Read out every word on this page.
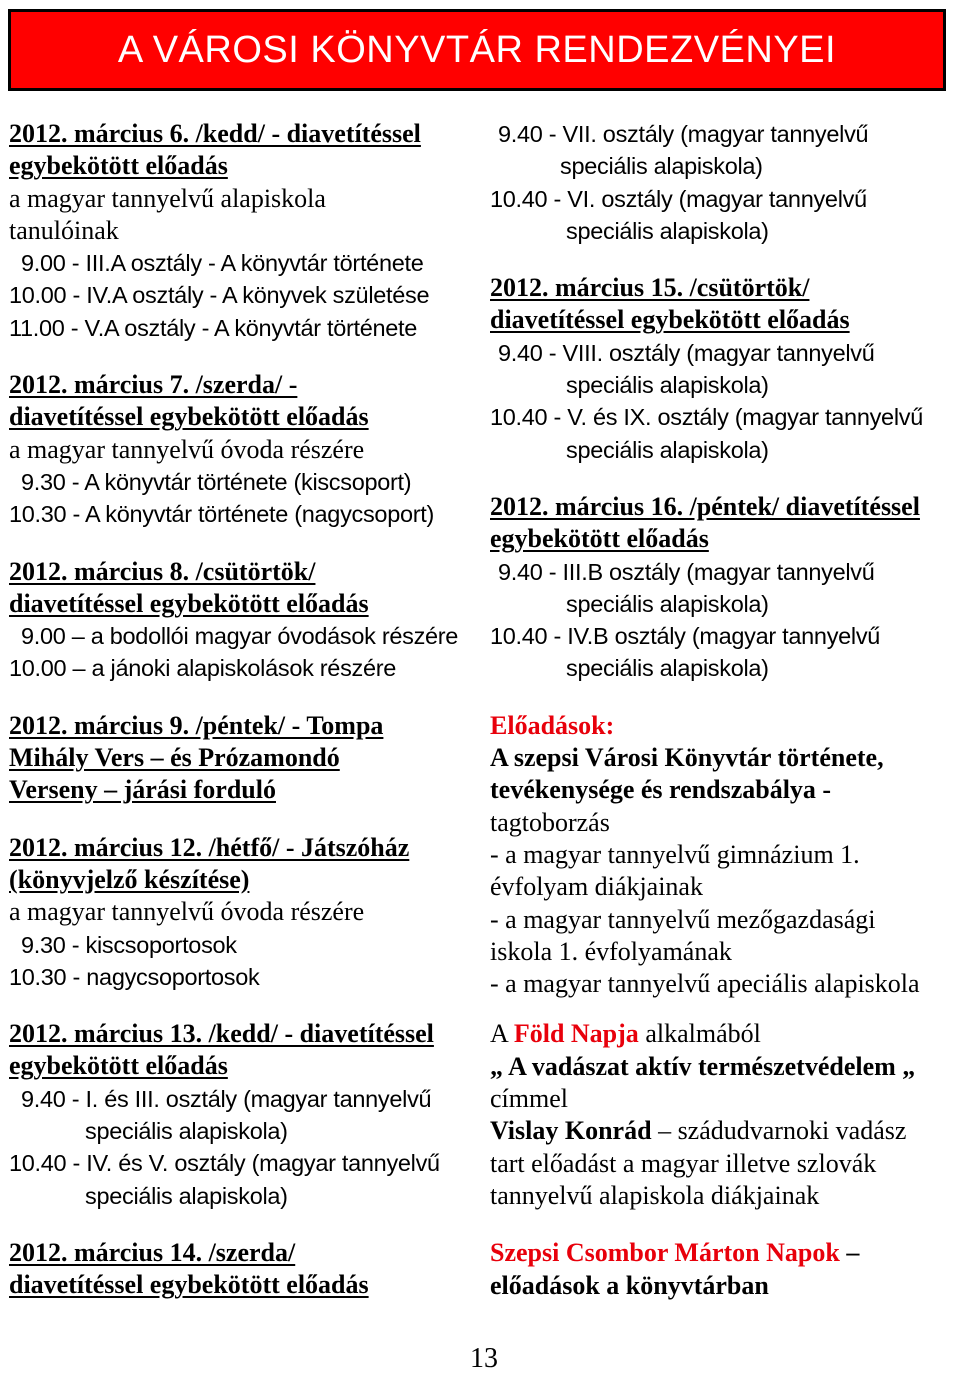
A VÁROSI KÖNYVTÁR RENDEZVÉNYEI
2012. március 6. /kedd/ - diavetítéssel
egybekötött előadás
a magyar tannyelvű alapiskola
tanulóinak
9.00 - III.A osztály - A könyvtár története
10.00 - IV.A osztály - A könyvek születése
11.00 - V.A osztály - A könyvtár története
2012. március 7. /szerda/ -
diavetítéssel egybekötött előadás
a magyar tannyelvű óvoda részére
9.30 - A könyvtár története (kiscsoport)
10.30 - A könyvtár története (nagycsoport)
2012. március 8. /csütörtök/
diavetítéssel egybekötött előadás
9.00 – a bodollói magyar óvodások részére
10.00 – a jánoki alapiskolások részére
2012. március 9. /péntek/ - Tompa
Mihály Vers – és Prózamondó
Verseny – járási forduló
2012. március 12. /hétfő/ - Játszóház
(könyvjelző készítése)
a magyar tannyelvű óvoda részére
9.30 - kiscsoportosok
10.30 - nagycsoportosok
2012. március 13. /kedd/ - diavetítéssel
egybekötött előadás
9.40 - I. és III. osztály (magyar tannyelvű
speciális alapiskola)
10.40 - IV. és V. osztály (magyar tannyelvű
speciális alapiskola)
2012. március 14. /szerda/
diavetítéssel egybekötött előadás
9.40 - VII. osztály (magyar tannyelvű
speciális alapiskola)
10.40 - VI. osztály (magyar tannyelvű
speciális alapiskola)
2012. március 15. /csütörtök/
diavetítéssel egybekötött előadás
9.40 - VIII. osztály (magyar tannyelvű
speciális alapiskola)
10.40 - V. és IX. osztály (magyar tannyelvű
speciális alapiskola)
2012. március 16. /péntek/ diavetítéssel
egybekötött előadás
9.40 - III.B osztály (magyar tannyelvű
speciális alapiskola)
10.40 - IV.B osztály (magyar tannyelvű
speciális alapiskola)
Előadások:
A szepsi Városi Könyvtár története,
tevékenysége és rendszabálya -
tagtoborzás
- a magyar tannyelvű gimnázium 1.
évfolyam diákjainak
- a magyar tannyelvű mezőgazdasági
iskola 1. évfolyamának
- a magyar tannyelvű apeciális alapiskola
A Föld Napja alkalmából
„ A vadászat aktív természetvédelem „
címmel
Vislay Konrád – szádudvarnoki vadász
tart előadást a magyar illetve szlovák
tannyelvű alapiskola diákjainak
Szepsi Csombor Márton Napok –
előadások a könyvtárban
13
